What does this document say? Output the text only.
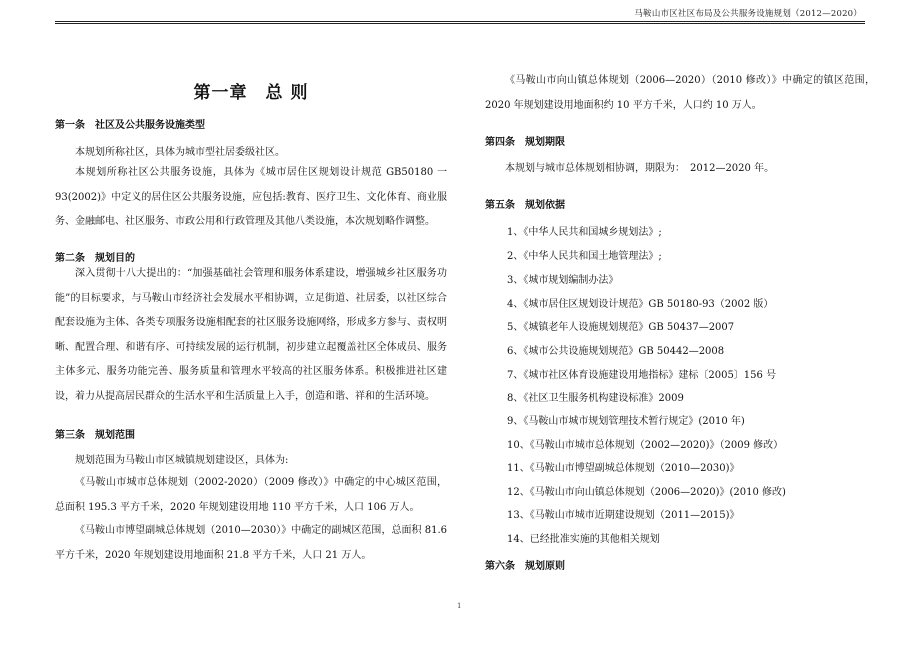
马鞍山市区社区布局及公共服务设施规划（2012—2020）
第一章　总 则
第一条　社区及公共服务设施类型
本规划所称社区，具体为城市型社居委级社区。
本规划所称社区公共服务设施，具体为《城市居住区规划设计规范 GB50180 一93(2002)》中定义的居住区公共服务设施，应包括:教育、医疗卫生、文化体育、商业服务、金融邮电、社区服务、市政公用和行政管理及其他八类设施，本次规划略作调整。
第二条　规划目的
深入贯彻十八大提出的：“加强基础社会管理和服务体系建设，增强城乡社区服务功能”的目标要求，与马鞍山市经济社会发展水平相协调，立足街道、社居委，以社区综合配套设施为主体、各类专项服务设施相配套的社区服务设施网络，形成多方参与、责权明晰、配置合理、和谐有序、可持续发展的运行机制，初步建立起覆盖社区全体成员、服务主体多元、服务功能完善、服务质量和管理水平较高的社区服务体系。积极推进社区建设，着力从提高居民群众的生活水平和生活质量上入手，创造和谐、祥和的生活环境。
第三条　规划范围
规划范围为马鞍山市区城镇规划建设区，具体为:
《马鞍山市城市总体规划（2002-2020）（2009 修改）》中确定的中心城区范围，总面积 195.3 平方千米，2020 年规划建设用地 110 平方千米，人口 106 万人。
《马鞍山市博望副城总体规划（2010—2030）》中确定的副城区范围，总面积 81.6 平方千米，2020 年规划建设用地面积 21.8 平方千米，人口 21 万人。
《马鞍山市向山镇总体规划（2006—2020）（2010 修改）》中确定的镇区范围，　2020 年规划建设用地面积约 10 平方千米，人口约 10 万人。
第四条　规划期限
本规划与城市总体规划相协调，期限为：　2012—2020 年。
第五条　规划依据
1、《中华人民共和国城乡规划法》;
2、《中华人民共和国土地管理法》;
3、《城市规划编制办法》
4、《城市居住区规划设计规范》GB 50180-93（2002 版）
5、《城镇老年人设施规划规范》GB 50437—2007
6、《城市公共设施规划规范》GB 50442—2008
7、《城市社区体育设施建设用地指标》建标〔2005〕156 号
8、《社区卫生服务机构建设标准》2009
9、《马鞍山市城市规划管理技术暂行规定》(2010 年)
10、《马鞍山市城市总体规划（2002—2020)》（2009 修改）
11、《马鞍山市博望副城总体规划（2010—2030)》
12、《马鞍山市向山镇总体规划（2006—2020)》(2010 修改)
13、《马鞍山市城市近期建设规划（2011—2015)》
14、已经批准实施的其他相关规划
第六条　规划原则
1
